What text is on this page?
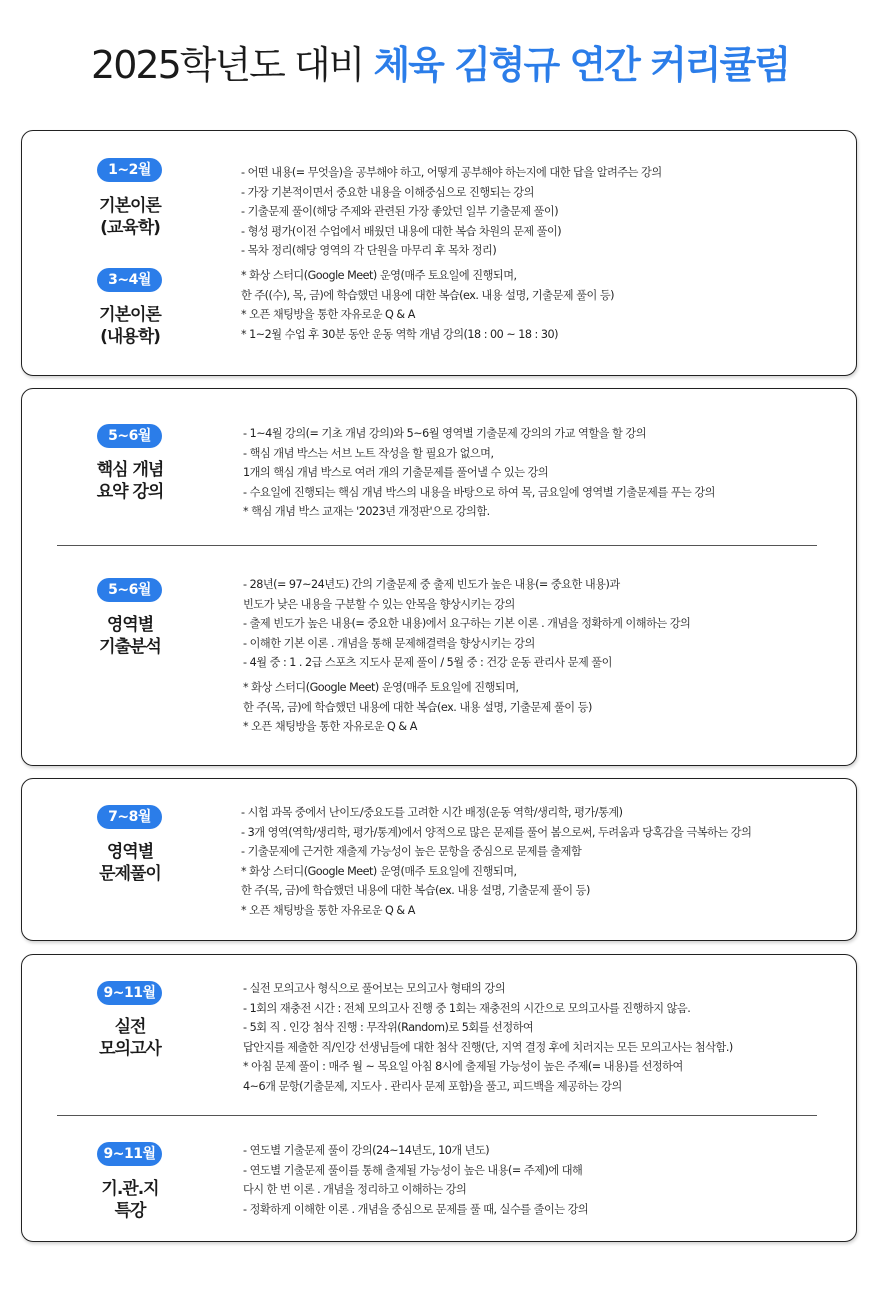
2025학년도 대비 체육 김형규 연간 커리큘럼
1~2월
기본이론
(교육학)
3~4월
기본이론
(내용학)
- 어떤 내용(= 무엇을)을 공부해야 하고, 어떻게 공부해야 하는지에 대한 답을 알려주는 강의
- 가장 기본적이면서 중요한 내용을 이해중심으로 진행되는 강의
- 기출문제 풀이(해당 주제와 관련된 가장 좋았던 일부 기출문제 풀이)
- 형성 평가(이전 수업에서 배웠던 내용에 대한 복습 차원의 문제 풀이)
- 목차 정리(해당 영역의 각 단원을 마무리 후 목차 정리)
* 화상 스터디(Google Meet) 운영(매주 토요일에 진행되며,
한 주((수), 목, 금)에 학습했던 내용에 대한 복습(ex. 내용 설명, 기출문제 풀이 등)
* 오픈 채팅방을 통한 자유로운 Q & A
* 1~2월 수업 후 30분 동안 운동 역학 개념 강의(18 : 00 ~ 18 : 30)
5~6월
핵심 개념
요약 강의
- 1~4월 강의(= 기초 개념 강의)와 5~6월 영역별 기출문제 강의의 가교 역할을 할 강의
- 핵심 개념 박스는 서브 노트 작성을 할 필요가 없으며,
1개의 핵심 개념 박스로 여러 개의 기출문제를 풀어낼 수 있는 강의
- 수요일에 진행되는 핵심 개념 박스의 내용을 바탕으로 하여 목, 금요일에 영역별 기출문제를 푸는 강의
* 핵심 개념 박스 교재는 '2023년 개정판'으로 강의함.
5~6월
영역별
기출분석
- 28년(= 97~24년도) 간의 기출문제 중 출제 빈도가 높은 내용(= 중요한 내용)과
빈도가 낮은 내용을 구분할 수 있는 안목을 향상시키는 강의
- 출제 빈도가 높은 내용(= 중요한 내용)에서 요구하는 기본 이론 . 개념을 정확하게 이해하는 강의
- 이해한 기본 이론 . 개념을 통해 문제해결력을 향상시키는 강의
- 4월 중 : 1 . 2급 스포츠 지도사 문제 풀이 / 5월 중 : 건강 운동 관리사 문제 풀이
* 화상 스터디(Google Meet) 운영(매주 토요일에 진행되며,
한 주(목, 금)에 학습했던 내용에 대한 복습(ex. 내용 설명, 기출문제 풀이 등)
* 오픈 채팅방을 통한 자유로운 Q & A
7~8월
영역별
문제풀이
- 시험 과목 중에서 난이도/중요도를 고려한 시간 배정(운동 역학/생리학, 평가/통계)
- 3개 영역(역학/생리학, 평가/통계)에서 양적으로 많은 문제를 풀어 봄으로써, 두려움과 당혹감을 극복하는 강의
- 기출문제에 근거한 재출제 가능성이 높은 문항을 중심으로 문제를 출제함
* 화상 스터디(Google Meet) 운영(매주 토요일에 진행되며,
한 주(목, 금)에 학습했던 내용에 대한 복습(ex. 내용 설명, 기출문제 풀이 등)
* 오픈 채팅방을 통한 자유로운 Q & A
9~11월
실전
모의고사
- 실전 모의고사 형식으로 풀어보는 모의고사 형태의 강의
- 1회의 재충전 시간 : 전체 모의고사 진행 중 1회는 재충전의 시간으로 모의고사를 진행하지 않음.
- 5회 직 . 인강 첨삭 진행 : 무작위(Random)로 5회를 선정하여
답안지를 제출한 직/인강 선생님들에 대한 첨삭 진행(단, 지역 결정 후에 치러지는 모든 모의고사는 첨삭함.)
* 아침 문제 풀이 : 매주 월 ~ 목요일 아침 8시에 출제될 가능성이 높은 주제(= 내용)를 선정하여
4~6개 문항(기출문제, 지도사 . 관리사 문제 포함)을 풀고, 피드백을 제공하는 강의
9~11월
기.관.지
특강
- 연도별 기출문제 풀이 강의(24~14년도, 10개 년도)
- 연도별 기출문제 풀이를 통해 출제될 가능성이 높은 내용(= 주제)에 대해
다시 한 번 이론 . 개념을 정리하고 이해하는 강의
- 정확하게 이해한 이론 . 개념을 중심으로 문제를 풀 때, 실수를 줄이는 강의
